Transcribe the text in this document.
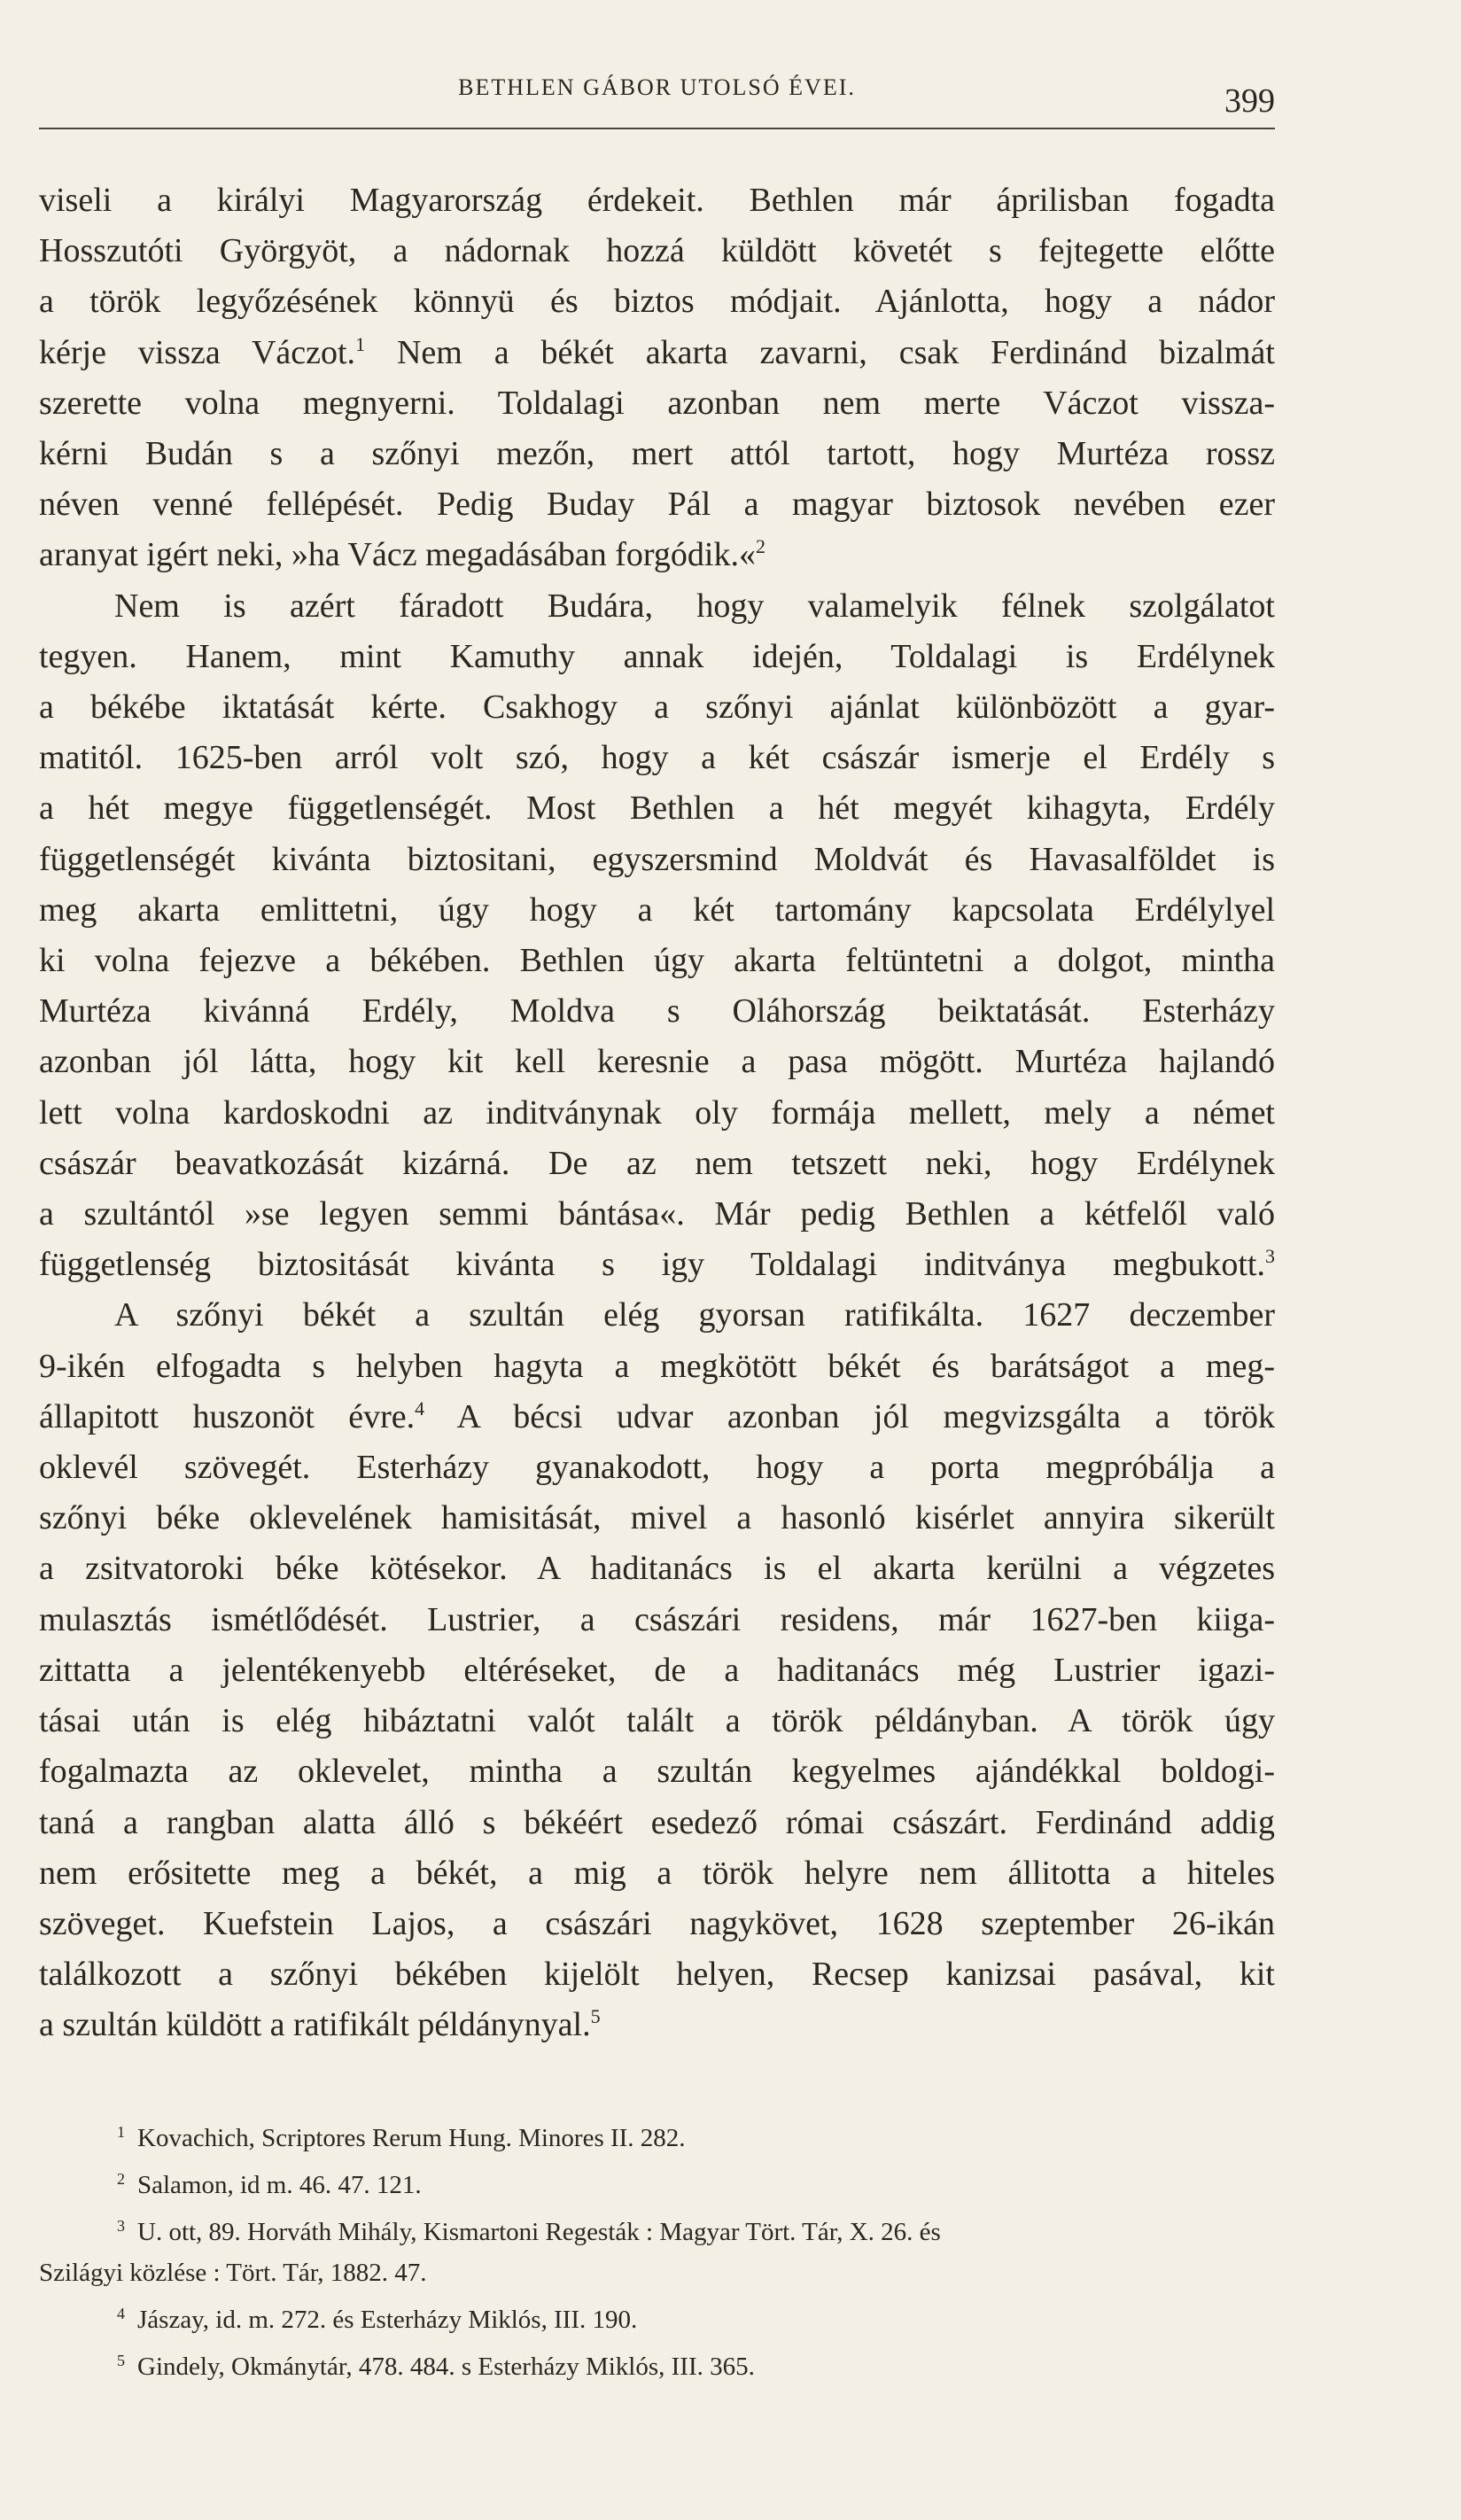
BETHLEN GÁBOR UTOLSÓ ÉVEI.	399

viseli a királyi Magyarország érdekeit. Bethlen már áprilisban fogadta

Hosszutóti Györgyöt, a nádornak hozzá küldött követét s fejtegette előtte

a török legyőzésének könnyü és biztos módjait. Ajánlotta, hogy a nádor

kérje vissza Váczot.$^1$ Nem a békét akarta zavarni, csak Ferdinánd bizalmát

szerette volna megnyerni. Toldalagi azonban nem merte Váczot vissza-

kérni Budán s a szőnyi mezőn, mert attól tartott, hogy Murtéza rossz

néven venné fellépését. Pedig Buday Pál a magyar biztosok nevében ezer

aranyat igért neki, »ha Vácz megadásában forgódik.«$^2$

Nem is azért fáradott Budára, hogy valamelyik félnek szolgálatot

tegyen. Hanem, mint Kamuthy annak idején, Toldalagi is Erdélynek

a békébe iktatását kérte. Csakhogy a szőnyi ajánlat különbözött a gyar-

matitól. 1625-ben arról volt szó, hogy a két császár ismerje el Erdély s

a hét megye függetlenségét. Most Bethlen a hét megyét kihagyta, Erdély

függetlenségét kivánta biztositani, egyszersmind Moldvát és Havasalföldet is

meg akarta emlittetni, úgy hogy a két tartomány kapcsolata Erdélylyel

ki volna fejezve a békében. Bethlen úgy akarta feltüntetni a dolgot, mintha

Murtéza kivánná Erdély, Moldva s Oláhország beiktatását. Esterházy

azonban jól látta, hogy kit kell keresnie a pasa mögött. Murtéza hajlandó

lett volna kardoskodni az inditványnak oly formája mellett, mely a német

császár beavatkozását kizárná. De az nem tetszett neki, hogy Erdélynek

a szultántól »se legyen semmi bántása«. Már pedig Bethlen a kétfelől való

függetlenség biztositását kivánta s igy Toldalagi inditványa megbukott.$^3$

A szőnyi békét a szultán elég gyorsan ratifikálta. 1627 deczember

9-ikén elfogadta s helyben hagyta a megkötött békét és barátságot a meg-

állapitott huszonöt évre.$^4$ A bécsi udvar azonban jól megvizsgálta a török

oklevél szövegét. Esterházy gyanakodott, hogy a porta megpróbálja a

szőnyi béke oklevelének hamisitását, mivel a hasonló kisérlet annyira sikerült

a zsitvatoroki béke kötésekor. A haditanács is el akarta kerülni a végzetes

mulasztás ismétlődését. Lustrier, a császári residens, már 1627-ben kiiga-

zittatta a jelentékenyebb eltéréseket, de a haditanács még Lustrier igazi-

tásai után is elég hibáztatni valót talált a török példányban. A török úgy

fogalmazta az oklevelet, mintha a szultán kegyelmes ajándékkal boldogi-

taná a rangban alatta álló s békéért esedező római császárt. Ferdinánd addig

nem erősitette meg a békét, a mig a török helyre nem állitotta a hiteles

szöveget. Kuefstein Lajos, a császári nagykövet, 1628 szeptember 26-ikán

találkozott a szőnyi békében kijelölt helyen, Recsep kanizsai pasával, kit

a szultán küldött a ratifikált példánynyal.$^5$

$^1$ Kovachich, Scriptores Rerum Hung. Minores II. 282.
$^2$ Salamon, id m. 46. 47. 121.
$^3$ U. ott, 89. Horváth Mihály, Kismartoni Regesták : Magyar Tört. Tár, X. 26. és
Szilágyi közlése : Tört. Tár, 1882. 47.
$^4$ Jászay, id. m. 272. és Esterházy Miklós, III. 190.
$^5$ Gindely, Okmánytár, 478. 484. s Esterházy Miklós, III. 365.
